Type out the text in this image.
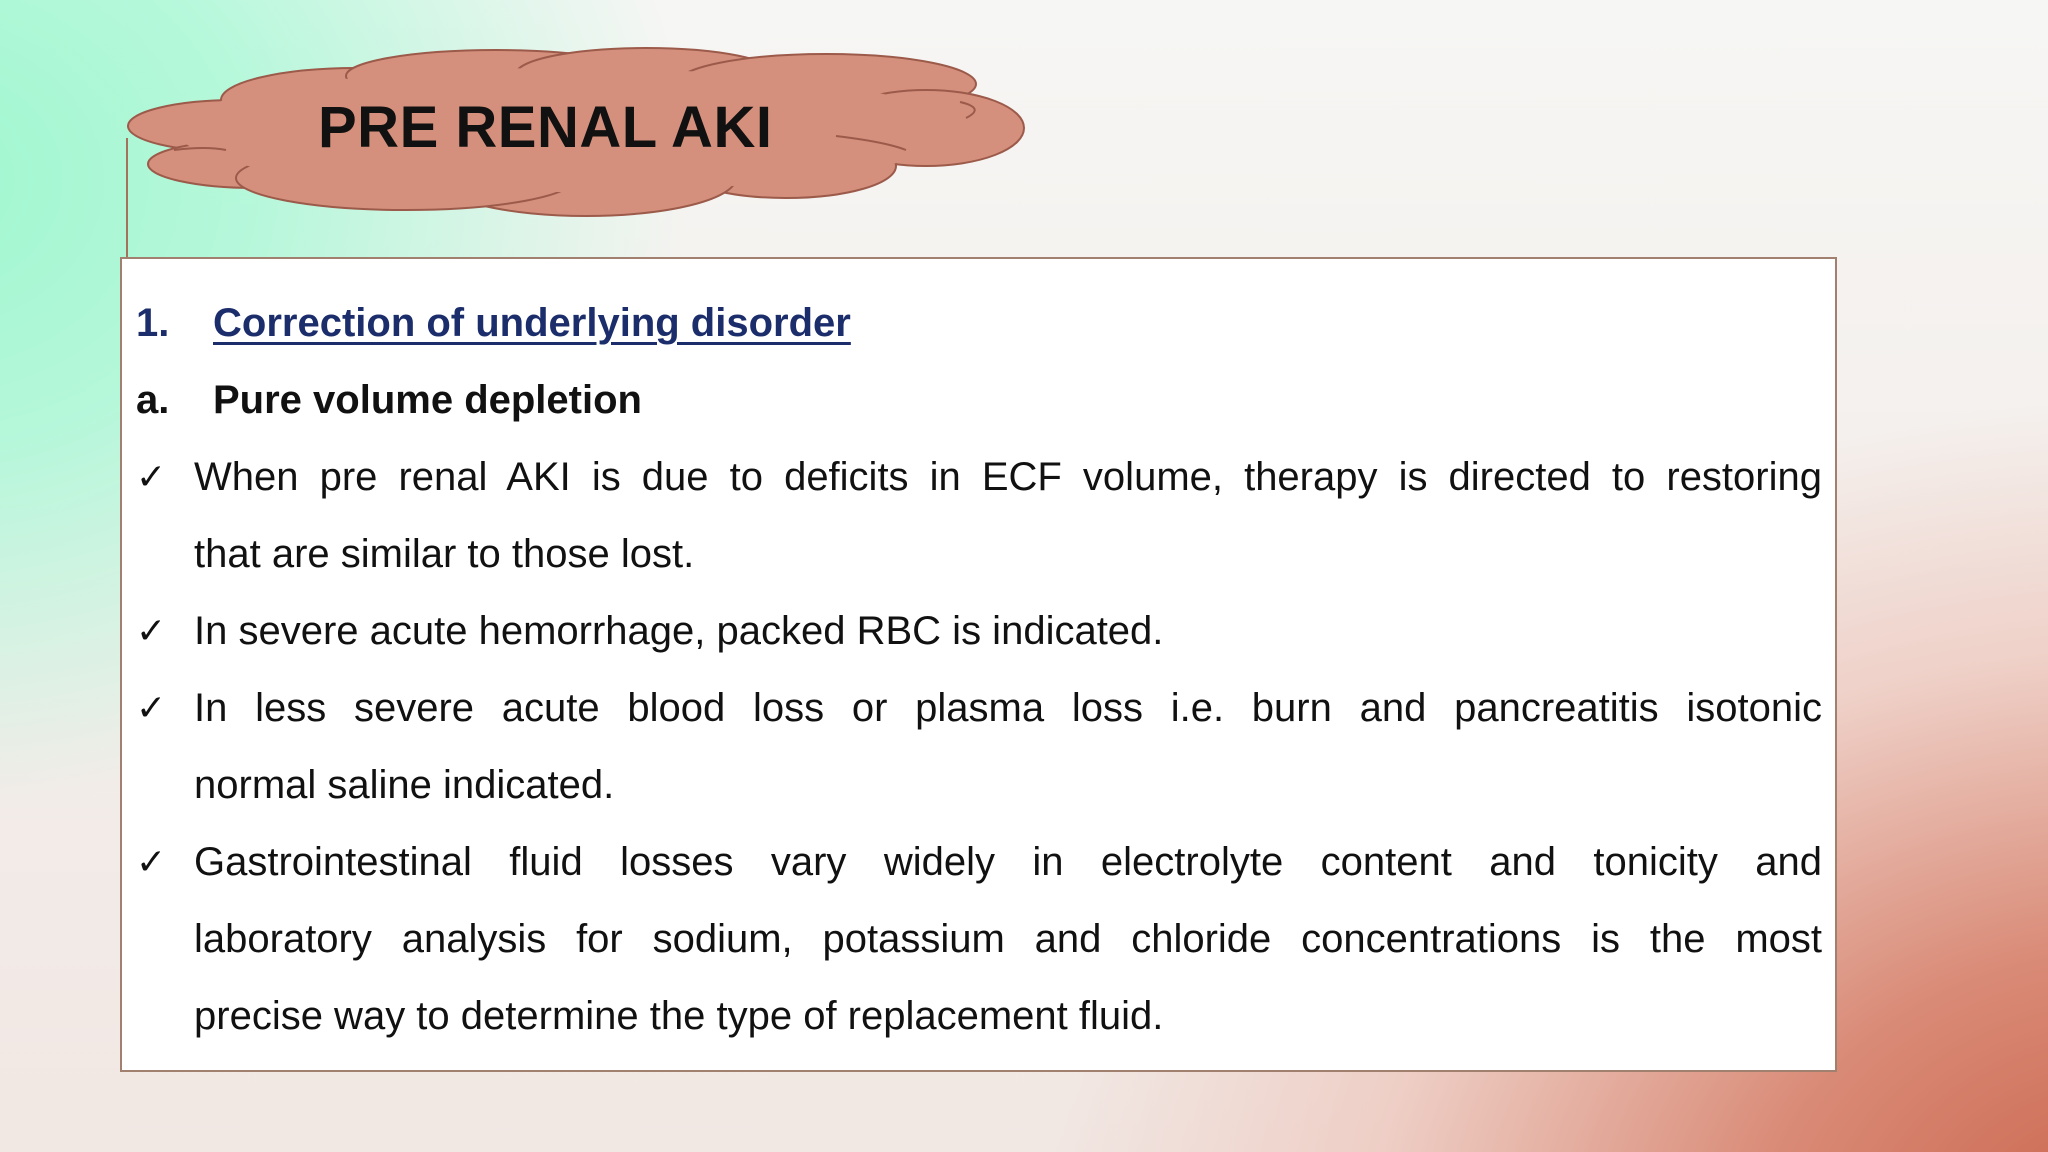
PRE RENAL AKI
1. Correction of underlying disorder
a. Pure volume depletion
✓ When pre renal AKI is due to deficits in ECF volume, therapy is directed to restoring
that are similar to those lost.
✓ In severe acute hemorrhage, packed RBC is indicated.
✓ In less severe acute blood loss or plasma loss i.e. burn and pancreatitis isotonic
normal saline indicated.
✓ Gastrointestinal fluid losses vary widely in electrolyte content and tonicity and
laboratory analysis for sodium, potassium and chloride concentrations is the most
precise way to determine the type of replacement fluid.
